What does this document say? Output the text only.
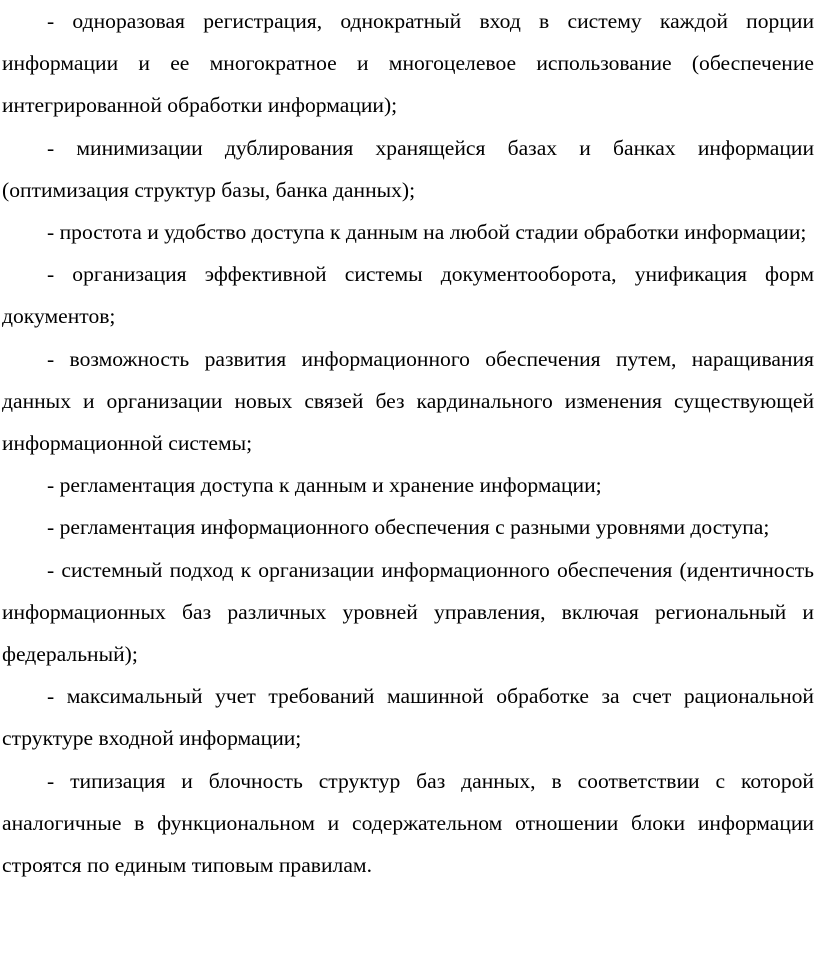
- одноразовая регистрация, однократный вход в систему каждой порции информации и ее многократное и многоцелевое использование (обеспечение интегрированной обработки информации);

- минимизации дублирования хранящейся базах и банках информации (оптимизация структур базы, банка данных);

- простота и удобство доступа к данным на любой стадии обработки информации;

- организация эффективной системы документооборота, унификация форм документов;

- возможность развития информационного обеспечения путем, наращивания данных и организации новых связей без кардинального изменения существующей информационной системы;

- регламентация доступа к данным и хранение информации;

- регламентация информационного обеспечения с разными уровнями доступа;

- системный подход к организации информационного обеспечения (идентичность информационных баз различных уровней управления, включая региональный и федеральный);

- максимальный учет требований машинной обработке за счет рациональной структуре входной информации;

- типизация и блочность структур баз данных, в соответствии с которой аналогичные в функциональном и содержательном отношении блоки информации строятся по единым типовым правилам.
